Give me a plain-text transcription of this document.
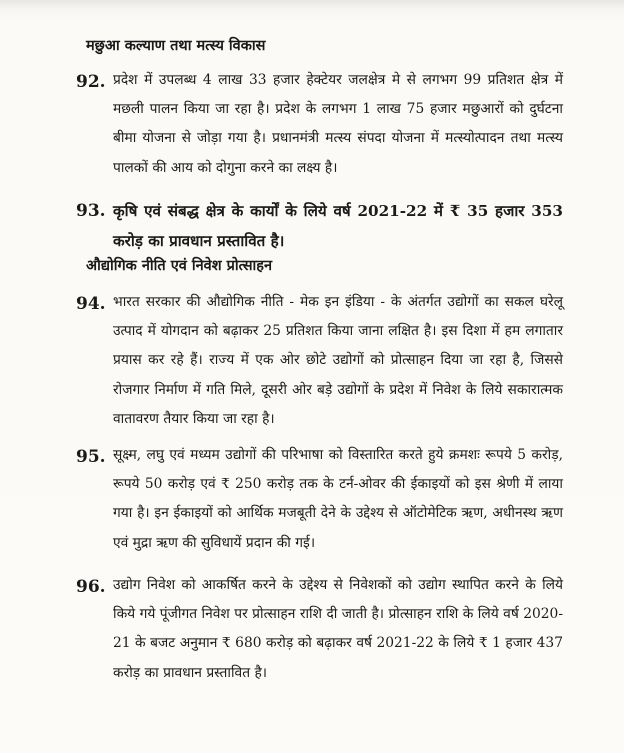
मछुआ कल्याण तथा मत्स्य विकास
92. प्रदेश में उपलब्ध 4 लाख 33 हजार हेक्टेयर जलक्षेत्र मे से लगभग 99 प्रतिशत क्षेत्र में मछली पालन किया जा रहा है। प्रदेश के लगभग 1 लाख 75 हजार मछुआरों को दुर्घटना बीमा योजना से जोड़ा गया है। प्रधानमंत्री मत्स्य संपदा योजना में मत्स्योत्पादन तथा मत्स्य पालकों की आय को दोगुना करने का लक्ष्य है।
93. कृषि एवं संबद्ध क्षेत्र के कार्यों के लिये वर्ष 2021-22 में ₹ 35 हजार 353 करोड़ का प्रावधान प्रस्तावित है।
औद्योगिक नीति एवं निवेश प्रोत्साहन
94. भारत सरकार की औद्योगिक नीति - मेक इन इंडिया - के अंतर्गत उद्योगों का सकल घरेलू उत्पाद में योगदान को बढ़ाकर 25 प्रतिशत किया जाना लक्षित है। इस दिशा में हम लगातार प्रयास कर रहे हैं। राज्य में एक ओर छोटे उद्योगों को प्रोत्साहन दिया जा रहा है, जिससे रोजगार निर्माण में गति मिले, दूसरी ओर बड़े उद्योगों के प्रदेश में निवेश के लिये सकारात्मक वातावरण तैयार किया जा रहा है।
95. सूक्ष्म, लघु एवं मध्यम उद्योगों की परिभाषा को विस्तारित करते हुये क्रमशः रूपये 5 करोड़, रूपये 50 करोड़ एवं ₹ 250 करोड़ तक के टर्न-ओवर की ईकाइयों को इस श्रेणी में लाया गया है। इन ईकाइयों को आर्थिक मजबूती देने के उद्देश्य से ऑटोमेटिक ऋण, अधीनस्थ ऋण एवं मुद्रा ऋण की सुविधायें प्रदान की गई।
96. उद्योग निवेश को आकर्षित करने के उद्देश्य से निवेशकों को उद्योग स्थापित करने के लिये किये गये पूंजीगत निवेश पर प्रोत्साहन राशि दी जाती है। प्रोत्साहन राशि के लिये वर्ष 2020-21 के बजट अनुमान ₹ 680 करोड़ को बढ़ाकर वर्ष 2021-22 के लिये ₹ 1 हजार 437 करोड़ का प्रावधान प्रस्तावित है।
